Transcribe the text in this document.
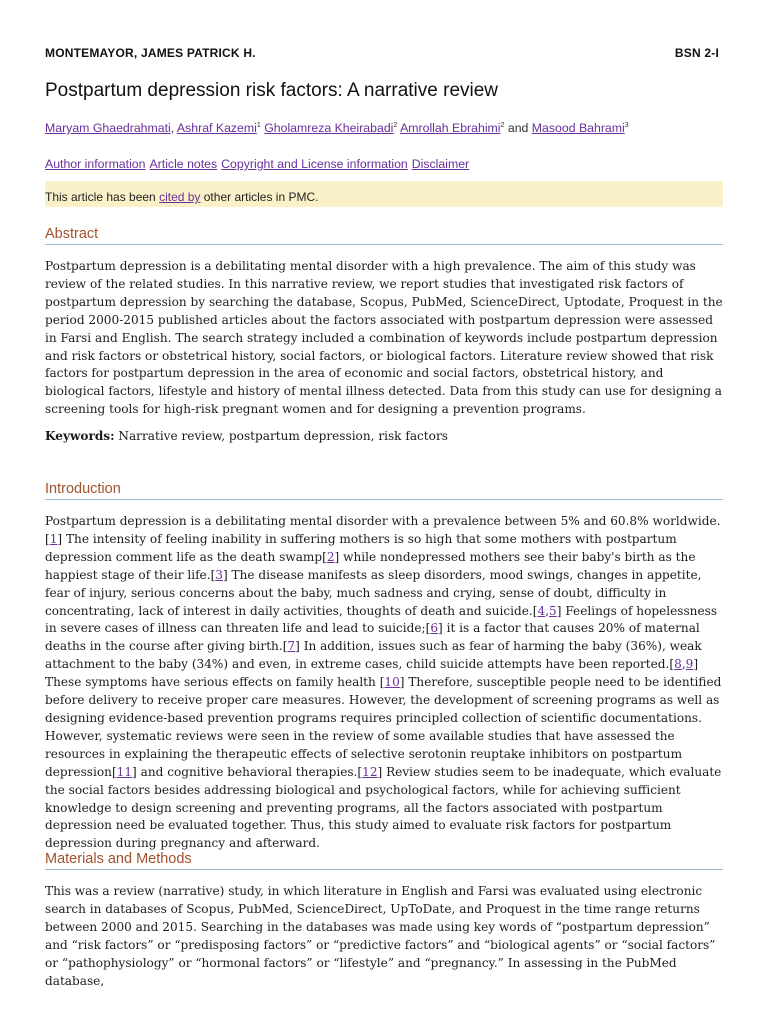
MONTEMAYOR, JAMES PATRICK H.	BSN 2-I
Postpartum depression risk factors: A narrative review
Maryam Ghaedrahmati, Ashraf Kazemi$^1$ Gholamreza Kheirabadi$^2$ Amrollah Ebrahimi$^2$ and Masood Bahrami$^3$
Author information Article notes Copyright and License information Disclaimer
This article has been cited by other articles in PMC.
Abstract
Postpartum depression is a debilitating mental disorder with a high prevalence. The aim of this study was review of the related studies. In this narrative review, we report studies that investigated risk factors of postpartum depression by searching the database, Scopus, PubMed, ScienceDirect, Uptodate, Proquest in the period 2000-2015 published articles about the factors associated with postpartum depression were assessed in Farsi and English. The search strategy included a combination of keywords include postpartum depression and risk factors or obstetrical history, social factors, or biological factors. Literature review showed that risk factors for postpartum depression in the area of economic and social factors, obstetrical history, and biological factors, lifestyle and history of mental illness detected. Data from this study can use for designing a screening tools for high-risk pregnant women and for designing a prevention programs.
Keywords: Narrative review, postpartum depression, risk factors
Introduction
Postpartum depression is a debilitating mental disorder with a prevalence between 5% and 60.8% worldwide.[1] The intensity of feeling inability in suffering mothers is so high that some mothers with postpartum depression comment life as the death swamp[2] while nondepressed mothers see their baby's birth as the happiest stage of their life.[3] The disease manifests as sleep disorders, mood swings, changes in appetite, fear of injury, serious concerns about the baby, much sadness and crying, sense of doubt, difficulty in concentrating, lack of interest in daily activities, thoughts of death and suicide.[4,5] Feelings of hopelessness in severe cases of illness can threaten life and lead to suicide;[6] it is a factor that causes 20% of maternal deaths in the course after giving birth.[7] In addition, issues such as fear of harming the baby (36%), weak attachment to the baby (34%) and even, in extreme cases, child suicide attempts have been reported.[8,9] These symptoms have serious effects on family health [10] Therefore, susceptible people need to be identified before delivery to receive proper care measures. However, the development of screening programs as well as designing evidence-based prevention programs requires principled collection of scientific documentations. However, systematic reviews were seen in the review of some available studies that have assessed the resources in explaining the therapeutic effects of selective serotonin reuptake inhibitors on postpartum depression[11] and cognitive behavioral therapies.[12] Review studies seem to be inadequate, which evaluate the social factors besides addressing biological and psychological factors, while for achieving sufficient knowledge to design screening and preventing programs, all the factors associated with postpartum depression need be evaluated together. Thus, this study aimed to evaluate risk factors for postpartum depression during pregnancy and afterward.
Materials and Methods
This was a review (narrative) study, in which literature in English and Farsi was evaluated using electronic search in databases of Scopus, PubMed, ScienceDirect, UpToDate, and Proquest in the time range returns between 2000 and 2015. Searching in the databases was made using key words of “postpartum depression” and “risk factors” or “predisposing factors” or “predictive factors” and “biological agents” or “social factors” or “pathophysiology” or “hormonal factors” or “lifestyle” and “pregnancy.” In assessing in the PubMed database,
